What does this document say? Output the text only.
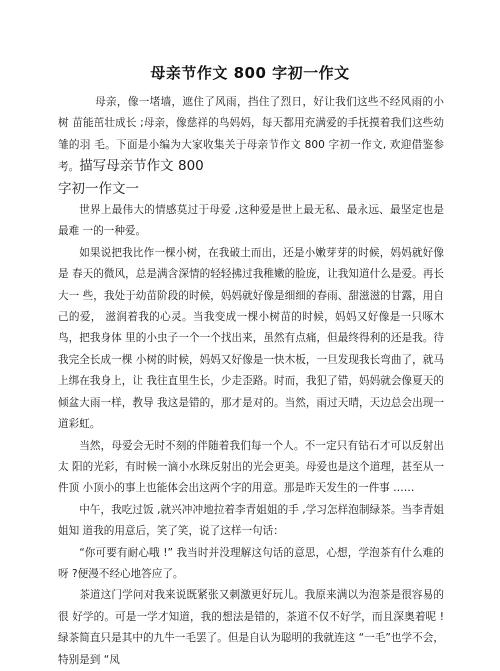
母亲节作文 800 字初一作文

母亲，像一堵墙，遮住了风雨，挡住了烈日，好让我们这些不经风雨的小树 苗能茁壮成长 ;母亲，像慈祥的鸟妈妈，每天都用充满爱的手抚摸着我们这些幼雏的羽 毛。下面是小编为大家收集关于母亲节作文 800 字初一作文, 欢迎借鉴参考。描写母亲节作文 800

字初一作文一

世界上最伟大的情感莫过于母爱 ,这种爱是世上最无私、最永远、最坚定也是最难 一的一种爱。

如果说把我比作一棵小树，在我破土而出，还是小嫩芽芽的时候，妈妈就好像是 春天的微风，总是满含深情的轻轻拂过我稚嫩的脸庞，让我知道什么是爱。再长大一 些，我处于幼苗阶段的时候，妈妈就好像是细细的春雨、甜滋滋的甘露，用自己的爱， 滋润着我的心灵。当我变成一棵小树苗的时候，妈妈又好像是一只啄木鸟，把我身体 里的小虫子一个一个找出来，虽然有点痛，但最终得利的还是我。待我完全长成一棵 小树的时候，妈妈又好像是一快木板，一旦发现我长弯曲了，就马上绑在我身上，让 我往直里生长，少走歪路。时而，我犯了错，妈妈就会像夏天的倾盆大雨一样，教导 我这是错的，那才是对的。当然，雨过天晴，天边总会出现一道彩虹。

当然，母爱会无时不刻的伴随着我们每一个人。不一定只有钻石才可以反射出太 阳的光彩，有时候一滴小水珠反射出的光会更美。母爱也是这个道理，甚至从一件顶 小顶小的事上也能体会出这两个字的用意。那是昨天发生的一件事 ……

中午，我吃过饭 ,就兴冲冲地拉着李青姐姐的手 ,学习怎样泡制绿茶。当李青姐姐知 道我的用意后，笑了笑，说了这样一句话：

“你可要有耐心哦 !” 我当时并没理解这句话的意思，心想，学泡茶有什么难的呀 ?便漫不经心地答应了。

茶道这门学问对我来说既紧张又刺激更好玩儿。我原来满以为泡茶是很容易的很 好学的。可是一学才知道，我的想法是错的，茶道不仅不好学，而且深奥着呢 !绿茶简直只是其中的九牛一毛罢了。但是自认为聪明的我就连这 “一毛”也学不会，特别是到 “凤
